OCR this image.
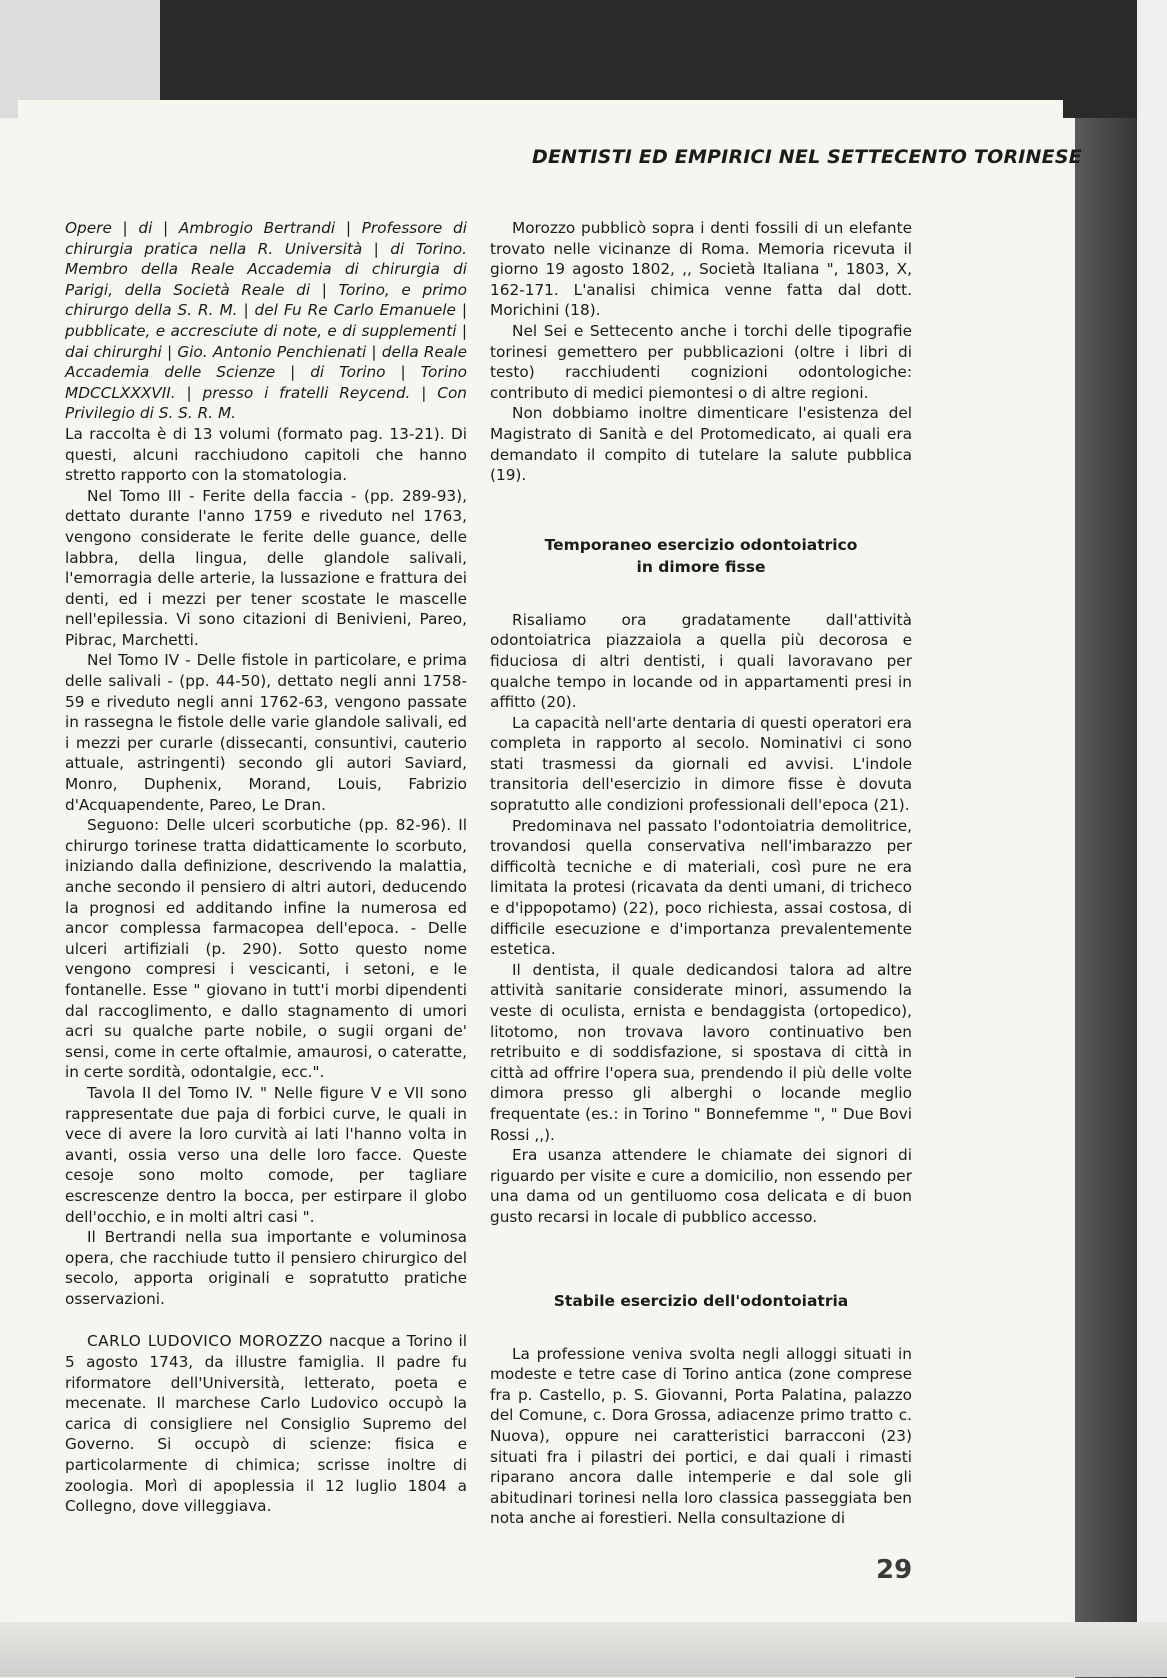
DENTISTI ED EMPIRICI NEL SETTECENTO TORINESE

Opere | di | Ambrogio Bertrandi | Professore di chirurgia pratica nella R. Università | di Torino. Membro della Reale Accademia di chirurgia di Parigi, della Società Reale di | Torino, e primo chirurgo della S. R. M. | del Fu Re Carlo Emanuele | pubblicate, e accresciute di note, e di supplementi | dai chirurghi | Gio. Antonio Penchienati | della Reale Accademia delle Scienze | di Torino | Torino MDCCLXXXVII. | presso i fratelli Reycend. | Con Privilegio di S. S. R. M.

La raccolta è di 13 volumi (formato pag. 13-21). Di questi, alcuni racchiudono capitoli che hanno stretto rapporto con la stomatologia.

Nel Tomo III - Ferite della faccia - (pp. 289-93), dettato durante l'anno 1759 e riveduto nel 1763, vengono considerate le ferite delle guance, delle labbra, della lingua, delle glandole salivali, l'emorragia delle arterie, la lussazione e frattura dei denti, ed i mezzi per tener scostate le mascelle nell'epilessia. Vi sono citazioni di Benivieni, Pareo, Pibrac, Marchetti.

Nel Tomo IV - Delle fistole in particolare, e prima delle salivali - (pp. 44-50), dettato negli anni 1758-59 e riveduto negli anni 1762-63, vengono passate in rassegna le fistole delle varie glandole salivali, ed i mezzi per curarle (dissecanti, consuntivi, cauterio attuale, astringenti) secondo gli autori Saviard, Monro, Duphenix, Morand, Louis, Fabrizio d'Acquapendente, Pareo, Le Dran.

Seguono: Delle ulceri scorbutiche (pp. 82-96). Il chirurgo torinese tratta didatticamente lo scorbuto, iniziando dalla definizione, descrivendo la malattia, anche secondo il pensiero di altri autori, deducendo la prognosi ed additando infine la numerosa ed ancor complessa farmacopea dell'epoca. - Delle ulceri artifiziali (p. 290). Sotto questo nome vengono compresi i vescicanti, i setoni, e le fontanelle. Esse " giovano in tutt'i morbi dipendenti dal raccoglimento, e dallo stagnamento di umori acri su qualche parte nobile, o sugii organi de' sensi, come in certe oftalmie, amaurosi, o cateratte, in certe sordità, odontalgie, ecc.".

Tavola II del Tomo IV. " Nelle figure V e VII sono rappresentate due paja di forbici curve, le quali in vece di avere la loro curvità ai lati l'hanno volta in avanti, ossia verso una delle loro facce. Queste cesoje sono molto comode, per tagliare escrescenze dentro la bocca, per estirpare il globo dell'occhio, e in molti altri casi ".

Il Bertrandi nella sua importante e voluminosa opera, che racchiude tutto il pensiero chirurgico del secolo, apporta originali e sopratutto pratiche osservazioni.

CARLO LUDOVICO MOROZZO nacque a Torino il 5 agosto 1743, da illustre famiglia. Il padre fu riformatore dell'Università, letterato, poeta e mecenate. Il marchese Carlo Ludovico occupò la carica di consigliere nel Consiglio Supremo del Governo. Si occupò di scienze: fisica e particolarmente di chimica; scrisse inoltre di zoologia. Morì di apoplessia il 12 luglio 1804 a Collegno, dove villeggiava.

Morozzo pubblicò sopra i denti fossili di un elefante trovato nelle vicinanze di Roma. Memoria ricevuta il giorno 19 agosto 1802, ,, Società Italiana ", 1803, X, 162-171. L'analisi chimica venne fatta dal dott. Morichini (18).

Nel Sei e Settecento anche i torchi delle tipografie torinesi gemettero per pubblicazioni (oltre i libri di testo) racchiudenti cognizioni odontologiche: contributo di medici piemontesi o di altre regioni.

Non dobbiamo inoltre dimenticare l'esistenza del Magistrato di Sanità e del Protomedicato, ai quali era demandato il compito di tutelare la salute pubblica (19).

Temporaneo esercizio odontoiatrico
in dimore fisse

Risaliamo ora gradatamente dall'attività odontoiatrica piazzaiola a quella più decorosa e fiduciosa di altri dentisti, i quali lavoravano per qualche tempo in locande od in appartamenti presi in affitto (20).

La capacità nell'arte dentaria di questi operatori era completa in rapporto al secolo. Nominativi ci sono stati trasmessi da giornali ed avvisi. L'indole transitoria dell'esercizio in dimore fisse è dovuta sopratutto alle condizioni professionali dell'epoca (21).

Predominava nel passato l'odontoiatria demolitrice, trovandosi quella conservativa nell'imbarazzo per difficoltà tecniche e di materiali, così pure ne era limitata la protesi (ricavata da denti umani, di tricheco e d'ippopotamo) (22), poco richiesta, assai costosa, di difficile esecuzione e d'importanza prevalentemente estetica.

Il dentista, il quale dedicandosi talora ad altre attività sanitarie considerate minori, assumendo la veste di oculista, ernista e bendaggista (ortopedico), litotomo, non trovava lavoro continuativo ben retribuito e di soddisfazione, si spostava di città in città ad offrire l'opera sua, prendendo il più delle volte dimora presso gli alberghi o locande meglio frequentate (es.: in Torino " Bonnefemme ", " Due Bovi Rossi ,,).

Era usanza attendere le chiamate dei signori di riguardo per visite e cure a domicilio, non essendo per una dama od un gentiluomo cosa delicata e di buon gusto recarsi in locale di pubblico accesso.

Stabile esercizio dell'odontoiatria

La professione veniva svolta negli alloggi situati in modeste e tetre case di Torino antica (zone comprese fra p. Castello, p. S. Giovanni, Porta Palatina, palazzo del Comune, c. Dora Grossa, adiacenze primo tratto c. Nuova), oppure nei caratteristici barracconi (23) situati fra i pilastri dei portici, e dai quali i rimasti riparano ancora dalle intemperie e dal sole gli abitudinari torinesi nella loro classica passeggiata ben nota anche ai forestieri. Nella consultazione di

29
